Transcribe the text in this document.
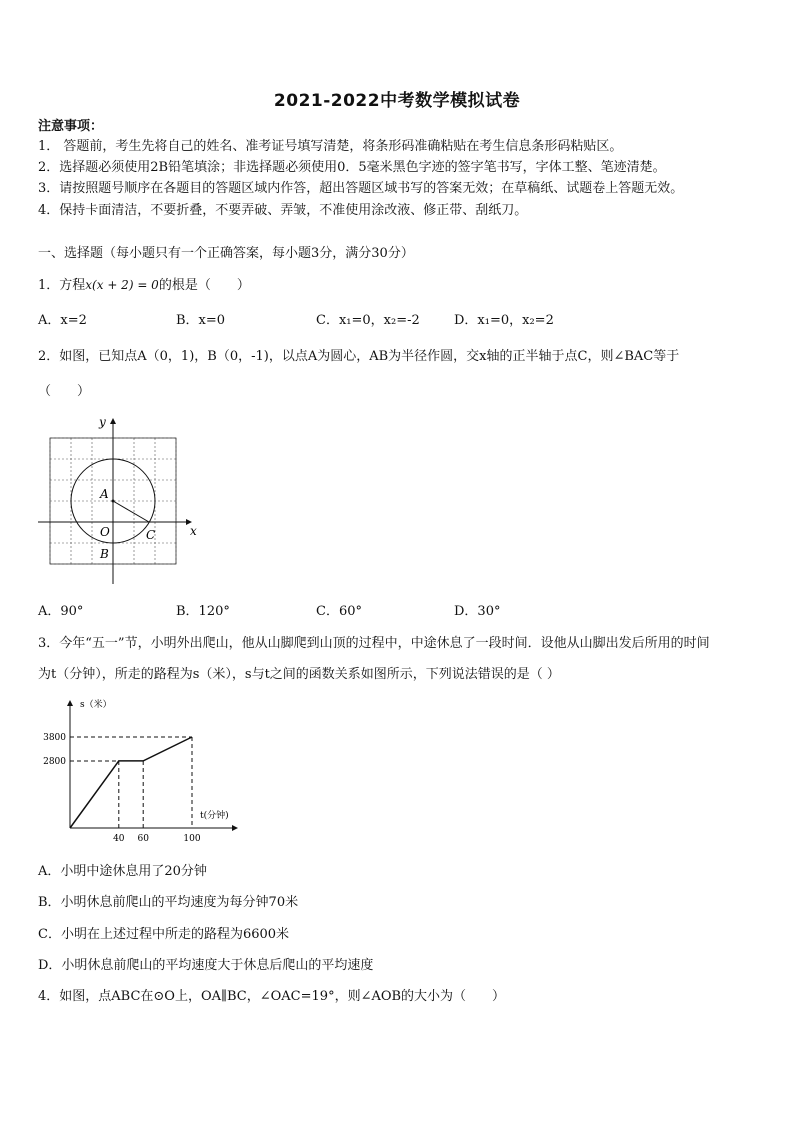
2021-2022中考数学模拟试卷
注意事项：
1． 答题前，考生先将自己的姓名、准考证号填写清楚，将条形码准确粘贴在考生信息条形码粘贴区。
2．选择题必须使用2B铅笔填涂；非选择题必须使用0．5毫米黑色字迹的签字笔书写，字体工整、笔迹清楚。
3．请按照题号顺序在各题目的答题区域内作答，超出答题区域书写的答案无效；在草稿纸、试题卷上答题无效。
4．保持卡面清洁，不要折叠，不要弄破、弄皱，不准使用涂改液、修正带、刮纸刀。
一、选择题（每小题只有一个正确答案，每小题3分，满分30分）
1．方程x(x + 2) = 0的根是（　　）
A．x=2	B．x=0	C．x₁=0，x₂=-2	D．x₁=0，x₂=2
2．如图，已知点A（0，1)，B（0，-1)，以点A为圆心，AB为半径作圆，交x轴的正半轴于点C，则∠BAC等于
（　　）
y
x
A
O
B
C
A．90°	B．120°	C．60°	D．30°
3．今年“五一”节，小明外出爬山，他从山脚爬到山顶的过程中，中途休息了一段时间．设他从山脚出发后所用的时间
为t（分钟），所走的路程为s（米），s与t之间的函数关系如图所示，下列说法错误的是（ ）
s（米）
t(分钟)
3800
2800
40 60	100
A．小明中途休息用了20分钟
B．小明休息前爬山的平均速度为每分钟70米
C．小明在上述过程中所走的路程为6600米
D．小明休息前爬山的平均速度大于休息后爬山的平均速度
4．如图，点ABC在⊙O上，OA∥BC，∠OAC=19°，则∠AOB的大小为（　　）
